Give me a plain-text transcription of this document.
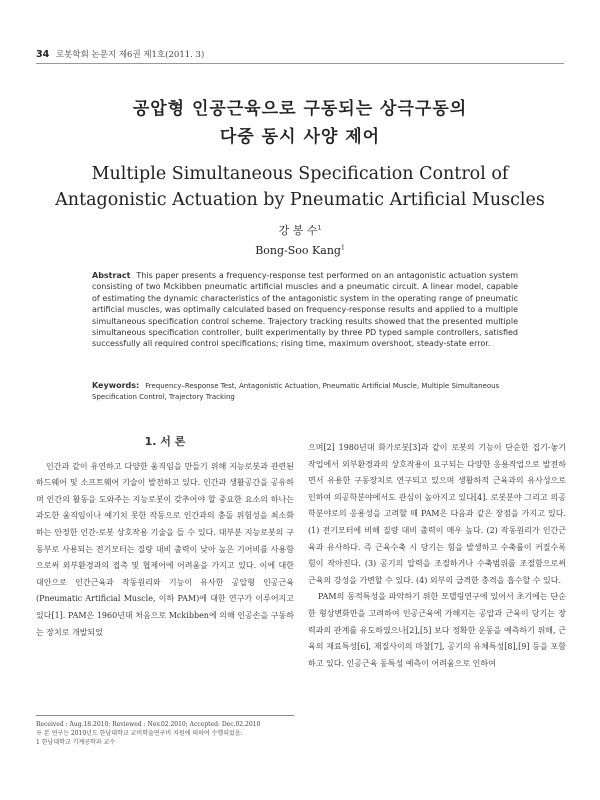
34 로봇학회 논문지 제6권 제1호(2011. 3)
공압형 인공근육으로 구동되는 상극구동의
다중 동시 사양 제어
Multiple Simultaneous Specification Control of
Antagonistic Actuation by Pneumatic Artificial Muscles
강 봉 수$^1$
Bong-Soo Kang$^1$
Abstract This paper presents a frequency-response test performed on an antagonistic actuation system consisting of two Mckibben pneumatic artificial muscles and a pneumatic circuit. A linear model, capable of estimating the dynamic characteristics of the antagonistic system in the operating range of pneumatic artificial muscles, was optimally calculated based on frequency-response results and applied to a multiple simultaneous specification control scheme. Trajectory tracking results showed that the presented multiple simultaneous specification controller, built experimentally by three PD typed sample controllers, satisfied successfully all required control specifications; rising time, maximum overshoot, steady-state error.
Keywords: Frequency–Response Test, Antagonistic Actuation, Pneumatic Artificial Muscle, Multiple Simultaneous Specification Control, Trajectory Tracking
1. 서 론

인간과 같이 유연하고 다양한 움직임을 만들기 위해 지능로봇과 관련된 하드웨어 및 소프트웨어 기술이 발전하고 있다. 인간과 생활공간을 공유하며 인간의 활동을 도와주는 지능로봇이 갖추어야 할 중요한 요소의 하나는 과도한 움직임이나 예기치 못한 작동으로 인간과의 충돌 위험성을 최소화하는 안정한 인간-로봇 상호작용 기술을 들 수 있다. 대부분 지능로봇의 구동부로 사용되는 전기모터는 질량 대비 출력이 낮아 높은 기어비를 사용함으로써 외부환경과의 접촉 및 협제어에 어려움을 가지고 있다. 이에 대한 대안으로 인간근육과 작동원리와 기능이 유사한 공압형 인공근육(Pneumatic Artificial Muscle, 이하 PAM)에 대한 연구가 이루어지고 있다[1]. PAM은 1960년대 처음으로 Mckibben에 의해 인공손을 구동하는 장치로 개발되었

으며[2] 1980년대 화가로봇[3]과 같이 로봇의 기능이 단순한 집기-놓기 작업에서 외부환경과의 상호작용이 요구되는 다양한 응용작업으로 발전하면서 유용한 구동장치로 연구되고 있으며 생활하적 근육과의 유사성으로 인하여 의공학분야에서도 관심이 높아지고 있다[4]. 로봇분야 그리고 의공학분야로의 응용성을 고려할 때 PAM은 다음과 같은 장점을 가지고 있다. (1) 전기모터에 비해 질량 대비 출력이 매우 높다. (2) 작동원리가 인간근육과 유사하다. 즉 근육수축 시 당기는 힘을 발생하고 수축률이 커질수록 힘이 작아진다. (3) 공기의 압력을 조절하거나 수축범위를 조절함으로써 근육의 강성을 가변할 수 있다. (4) 외부의 급격한 충격을 흡수할 수 있다.

PAM의 동적특성을 파악하기 위한 모델링연구에 있어서 초기에는 단순한 형상변화만을 고려하여 인공근육에 가해지는 공압과 근육이 당기는 장력과의 관계를 유도하였으나[2],[5] 보다 정확한 운동을 예측하기 위해, 근육의 재료특성[6], 재질사이의 마찰[7], 공기의 유체특성[8],[9] 등을 포함하고 있다. 인공근육 동특성 예측이 어려움으로 인하여

Received : Aug.18.2010; Reviewed : Nov.02.2010; Accepted: Dec.02.2010
※ 본 연구는 2010년도 한남대학교 교비학술연구비 지원에 의하여 수행되었음.
1 한남대학교 기계공학과 교수
